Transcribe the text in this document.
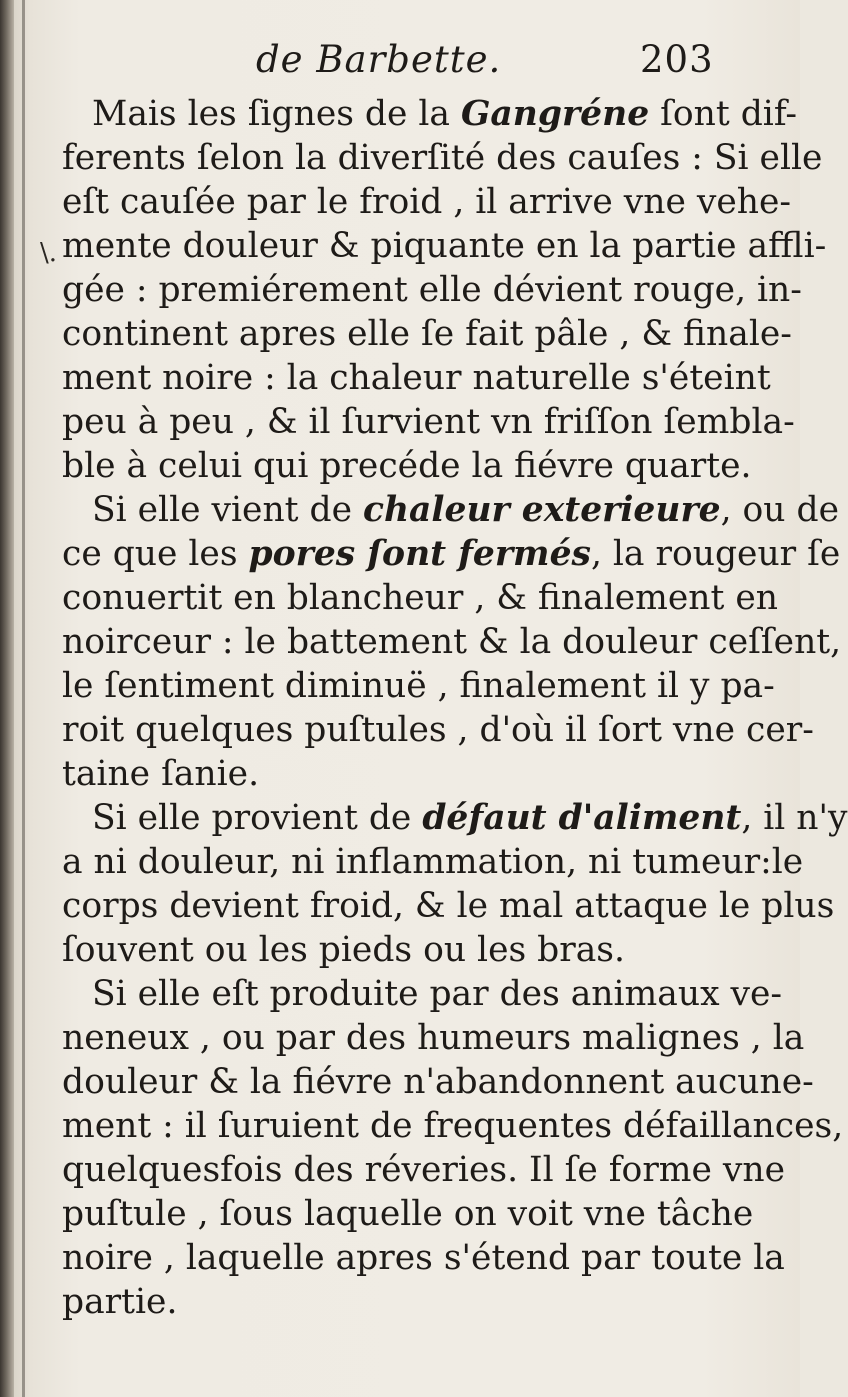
de Barbette.	203
\.
Mais les ſignes de la Gangréne ſont dif-
ferents ſelon la diverſité des cauſes : Si elle
eſt cauſée par le froid , il arrive vne vehe-
mente douleur & piquante en la partie affli-
gée : premiérement elle dévient rouge, in-
continent apres elle ſe fait pâle , & finale-
ment noire : la chaleur naturelle s'éteint
peu à peu , & il ſurvient vn friſſon ſembla-
ble à celui qui precéde la fiévre quarte.
Si elle vient de chaleur exterieure, ou de
ce que les pores ſont fermés, la rougeur ſe
conuertit en blancheur , & finalement en
noirceur : le battement & la douleur ceſſent,
le ſentiment diminuë , finalement il y pa-
roit quelques puſtules , d'où il ſort vne cer-
taine ſanie.
Si elle provient de défaut d'aliment, il n'y
a ni douleur, ni inflammation, ni tumeur:le
corps devient froid, & le mal attaque le plus
ſouvent ou les pieds ou les bras.
Si elle eſt produite par des animaux ve-
neneux , ou par des humeurs malignes , la
douleur & la fiévre n'abandonnent aucune-
ment : il ſuruient de frequentes défaillances,
quelquesfois des réveries. Il ſe forme vne
puſtule , ſous laquelle on voit vne tâche
noire , laquelle apres s'étend par toute la
partie.
